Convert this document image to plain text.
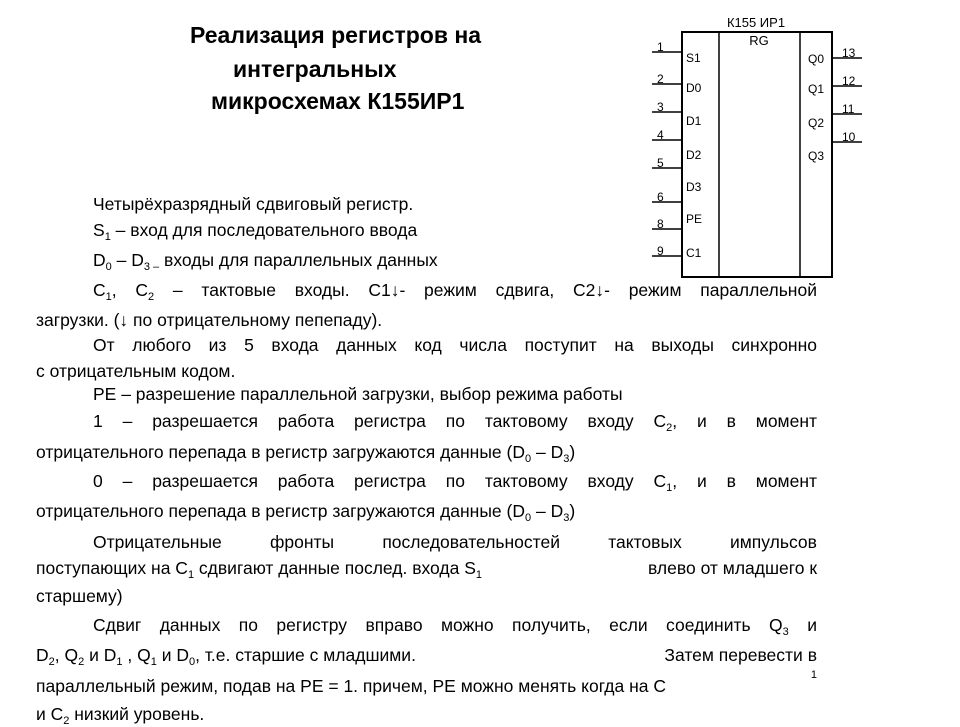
Реализация регистров на
интегральных
микросхемах К155ИР1
К155 ИР1
RG
1
2
3
4
5
6
8
9
S1
D0
D1
D2
D3
PE
C1
13
12
11
10
Q0
Q1
Q2
Q3
Четырёхразрядный сдвиговый регистр.
$S_1$ – вход для последовательного ввода
$D_0 - D_{3 -}$ входы для параллельных данных
$C_1$, $C_2$ – тактовые входы. C1↓- режим сдвига, C2↓- режим параллельной
загрузки. (↓ по отрицательному пепепаду).
От любого из 5 входа данных код числа поступит на выходы синхронно
с отрицательным кодом.
PE – разрешение параллельной загрузки, выбор режима работы
1 – разрешается работа регистра по тактовому входу $C_2$, и в момент
отрицательного перепада в регистр загружаются данные $(D_0 - D_3)$
0 – разрешается работа регистра по тактовому входу $C_1$, и в момент
отрицательного перепада в регистр загружаются данные $(D_0 - D_3)$
Отрицательные	фронты	последовательностей	тактовых	импульсов
поступающих на $C_1$ сдвигают данные послед. входа $S_1$	влево от младшего к
старшему)
Сдвиг данных по регистру вправо можно получить, если соединить $Q_3$ и
$D_2$, $Q_2$ и $D_1$ , $Q_1$ и $D_0$, т.е. старшие с младшими.	Затем перевести в
параллельный режим, подав на PE = 1. причем, PE можно менять когда на C
1
и $C_2$ низкий уровень.
